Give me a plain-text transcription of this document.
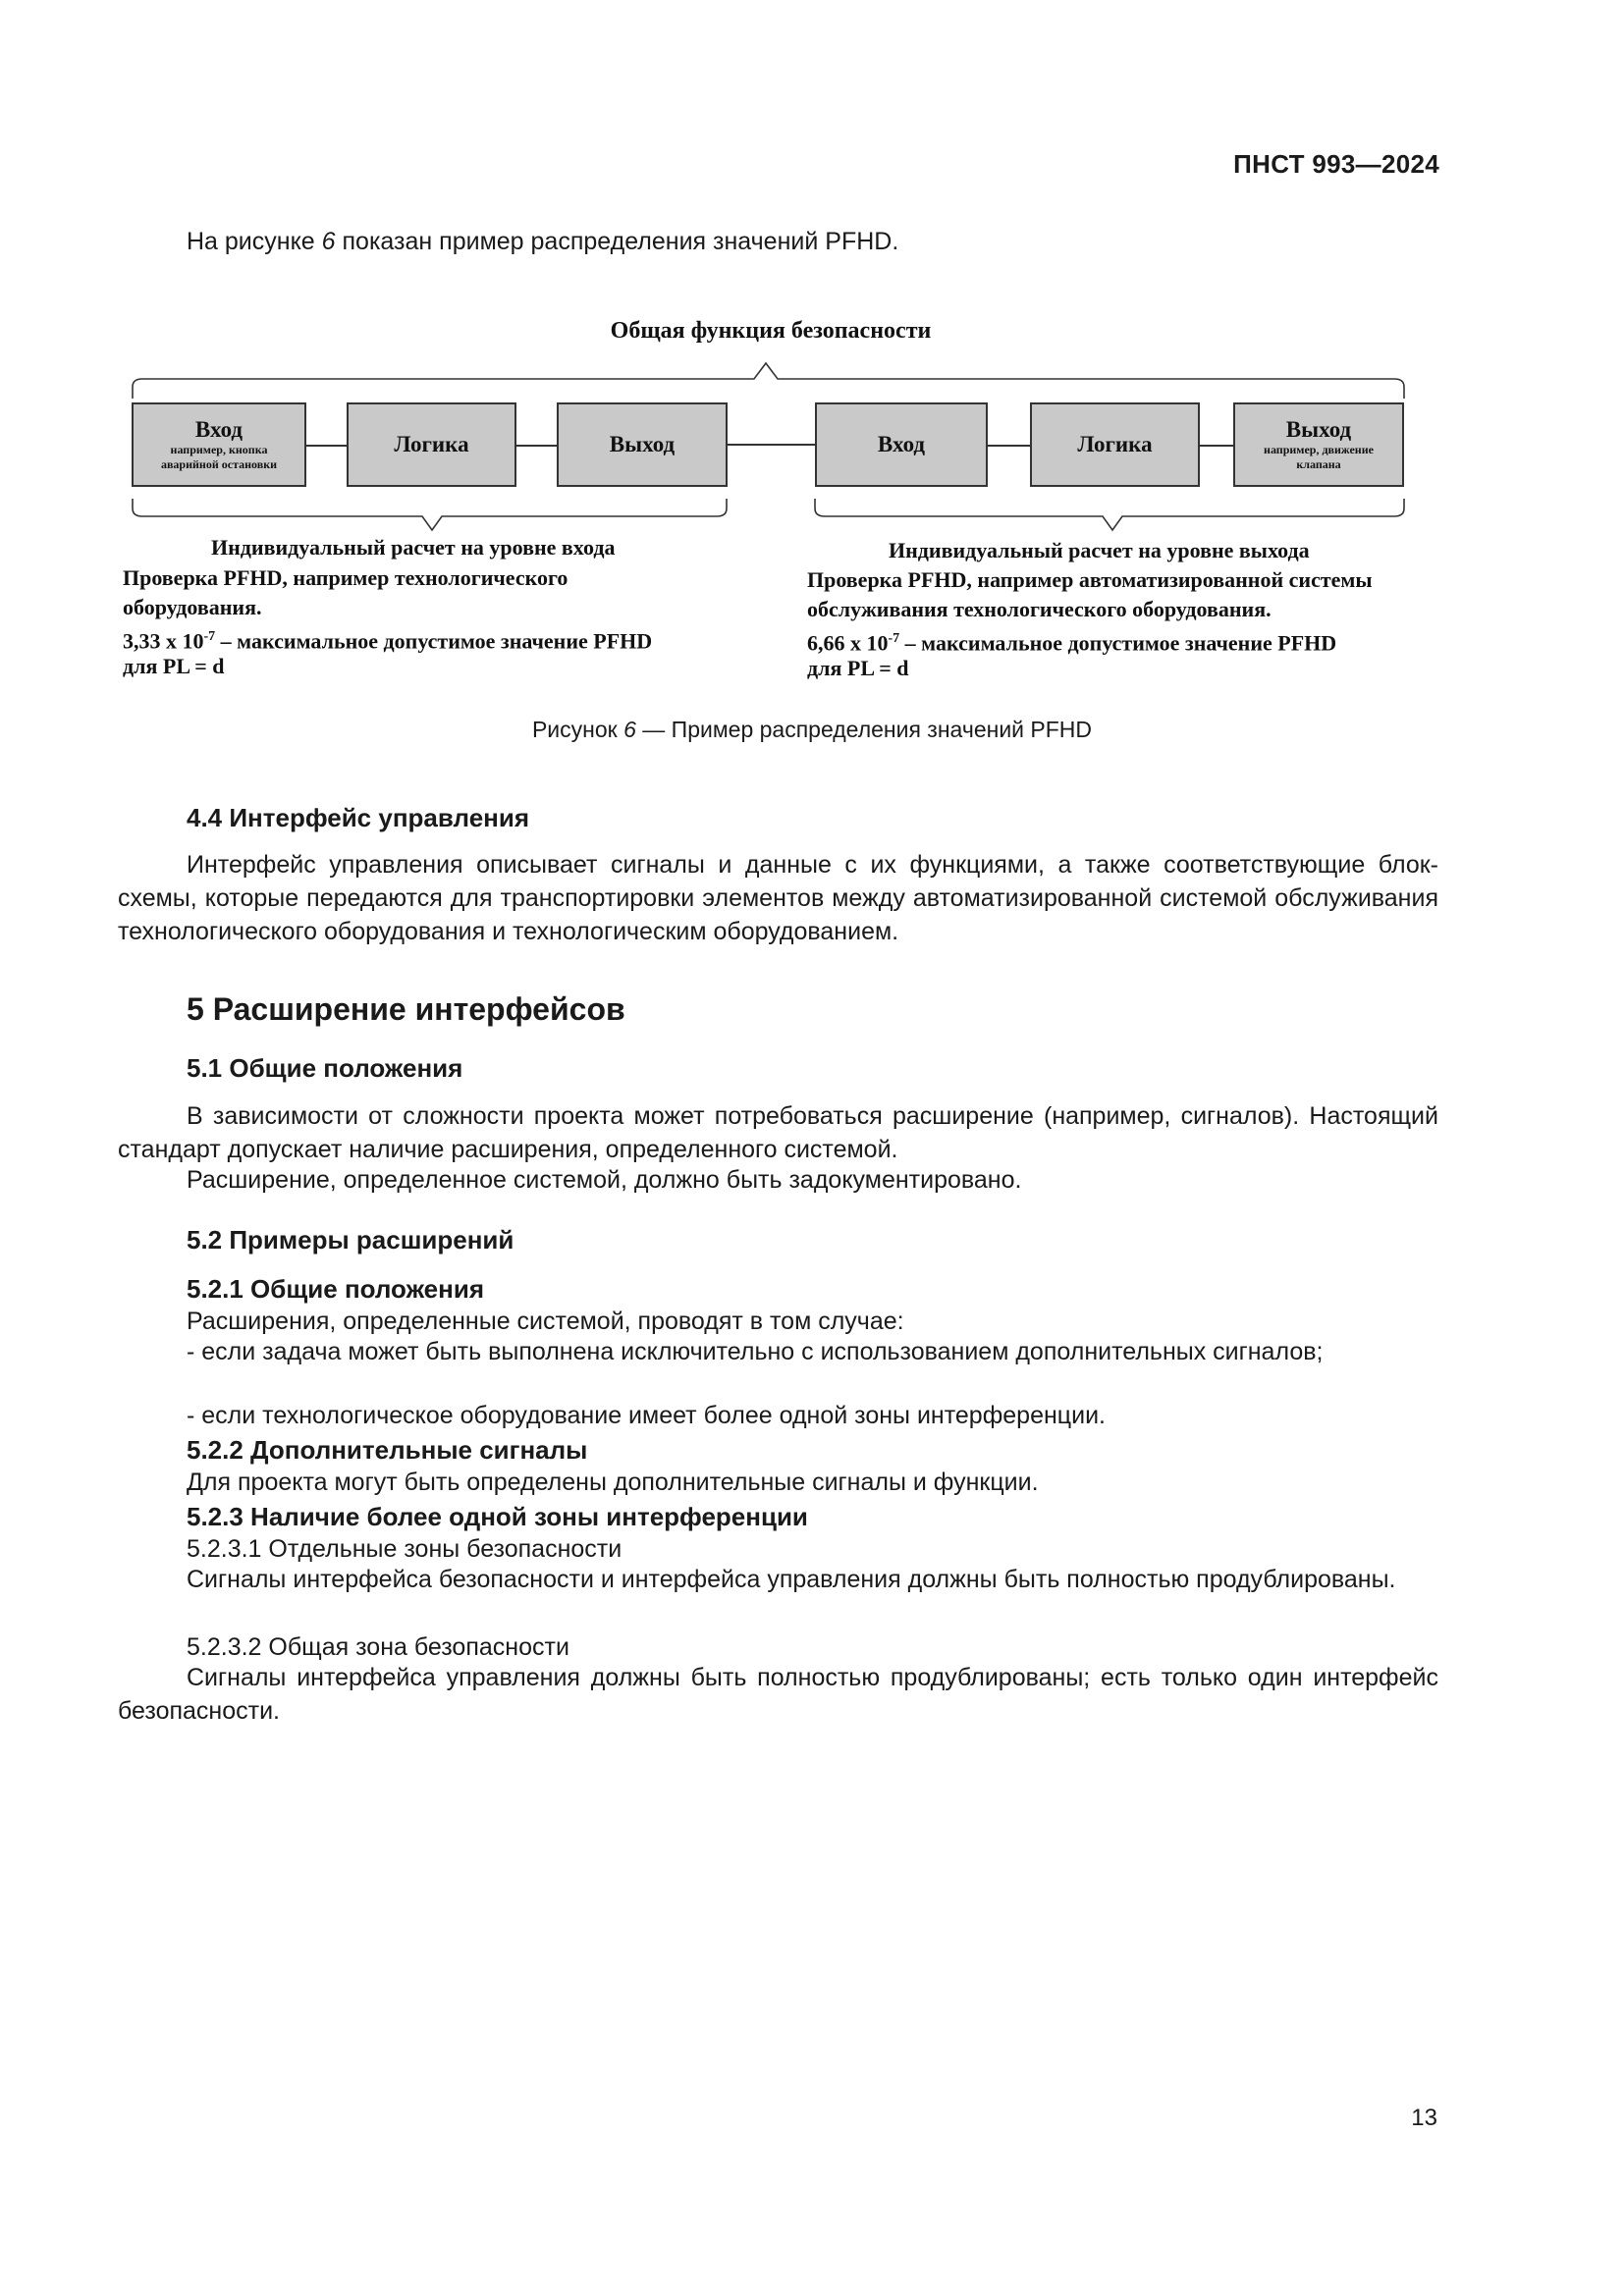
ПНСТ 993—2024
На рисунке 6 показан пример распределения значений PFHD.
Общая функция безопасности
Вход
например, кнопка аварийной остановки
Логика	Выход	Вход	Логика
Выход
например, движение клапана
Индивидуальный расчет на уровне входа
Проверка PFHD, например технологического
оборудования.
3,33 x $10^{-7}$ – максимальное допустимое значение PFHD
для PL = d
Индивидуальный расчет на уровне выхода
Проверка PFHD, например автоматизированной системы
обслуживания технологического оборудования.
6,66 x $10^{-7}$ – максимальное допустимое значение PFHD
для PL = d
Рисунок 6 — Пример распределения значений PFHD
4.4 Интерфейс управления
Интерфейс управления описывает сигналы и данные с их функциями, а также соответствующие блок-схемы, которые передаются для транспортировки элементов между автоматизированной системой обслуживания технологического оборудования и технологическим оборудованием.
5 Расширение интерфейсов
5.1 Общие положения
В зависимости от сложности проекта может потребоваться расширение (например, сигналов). Настоящий стандарт допускает наличие расширения, определенного системой.
Расширение, определенное системой, должно быть задокументировано.
5.2 Примеры расширений
5.2.1 Общие положения
Расширения, определенные системой, проводят в том случае:
- если задача может быть выполнена исключительно с использованием дополнительных сигналов;
- если технологическое оборудование имеет более одной зоны интерференции.
5.2.2 Дополнительные сигналы
Для проекта могут быть определены дополнительные сигналы и функции.
5.2.3 Наличие более одной зоны интерференции
5.2.3.1 Отдельные зоны безопасности
Сигналы интерфейса безопасности и интерфейса управления должны быть полностью продублированы.
5.2.3.2 Общая зона безопасности
Сигналы интерфейса управления должны быть полностью продублированы; есть только один интерфейс безопасности.
13
